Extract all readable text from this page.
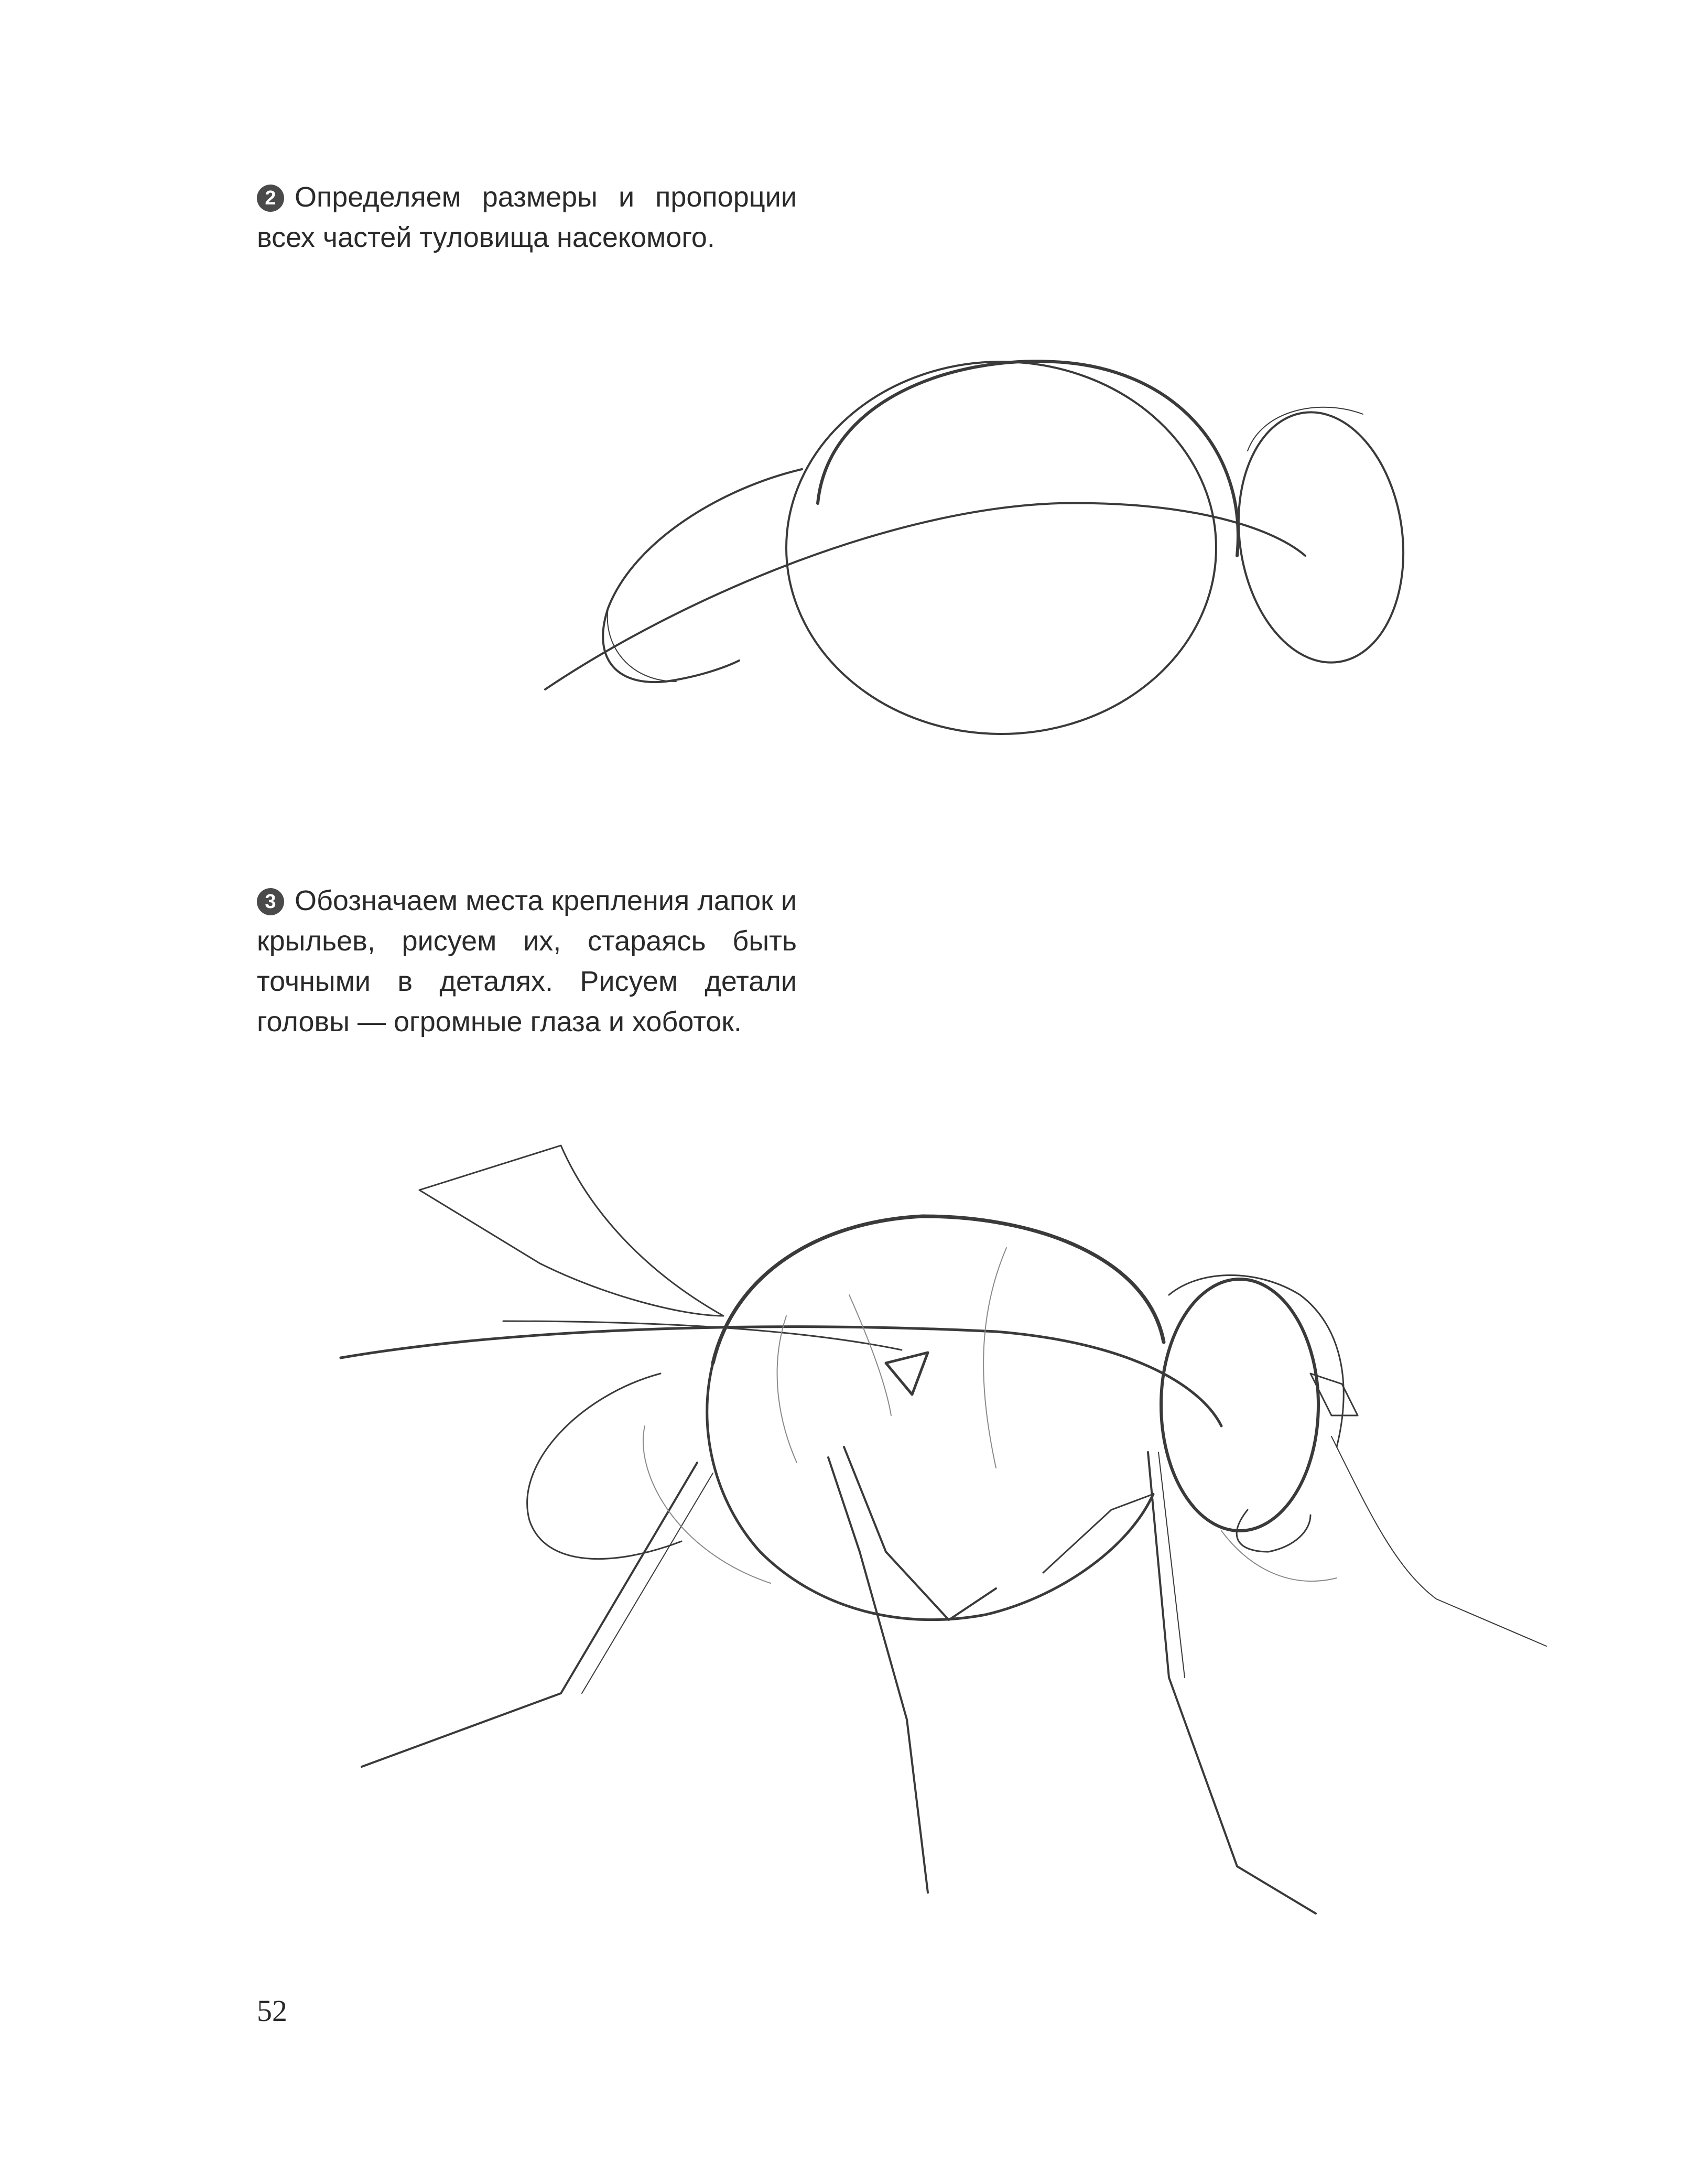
2 Определяем размеры и пропорции всех частей туловища насекомого.

3 Обозначаем места крепления лапок и крыльев, рисуем их, стараясь быть точными в деталях. Рисуем детали головы — огромные глаза и хоботок.

52
